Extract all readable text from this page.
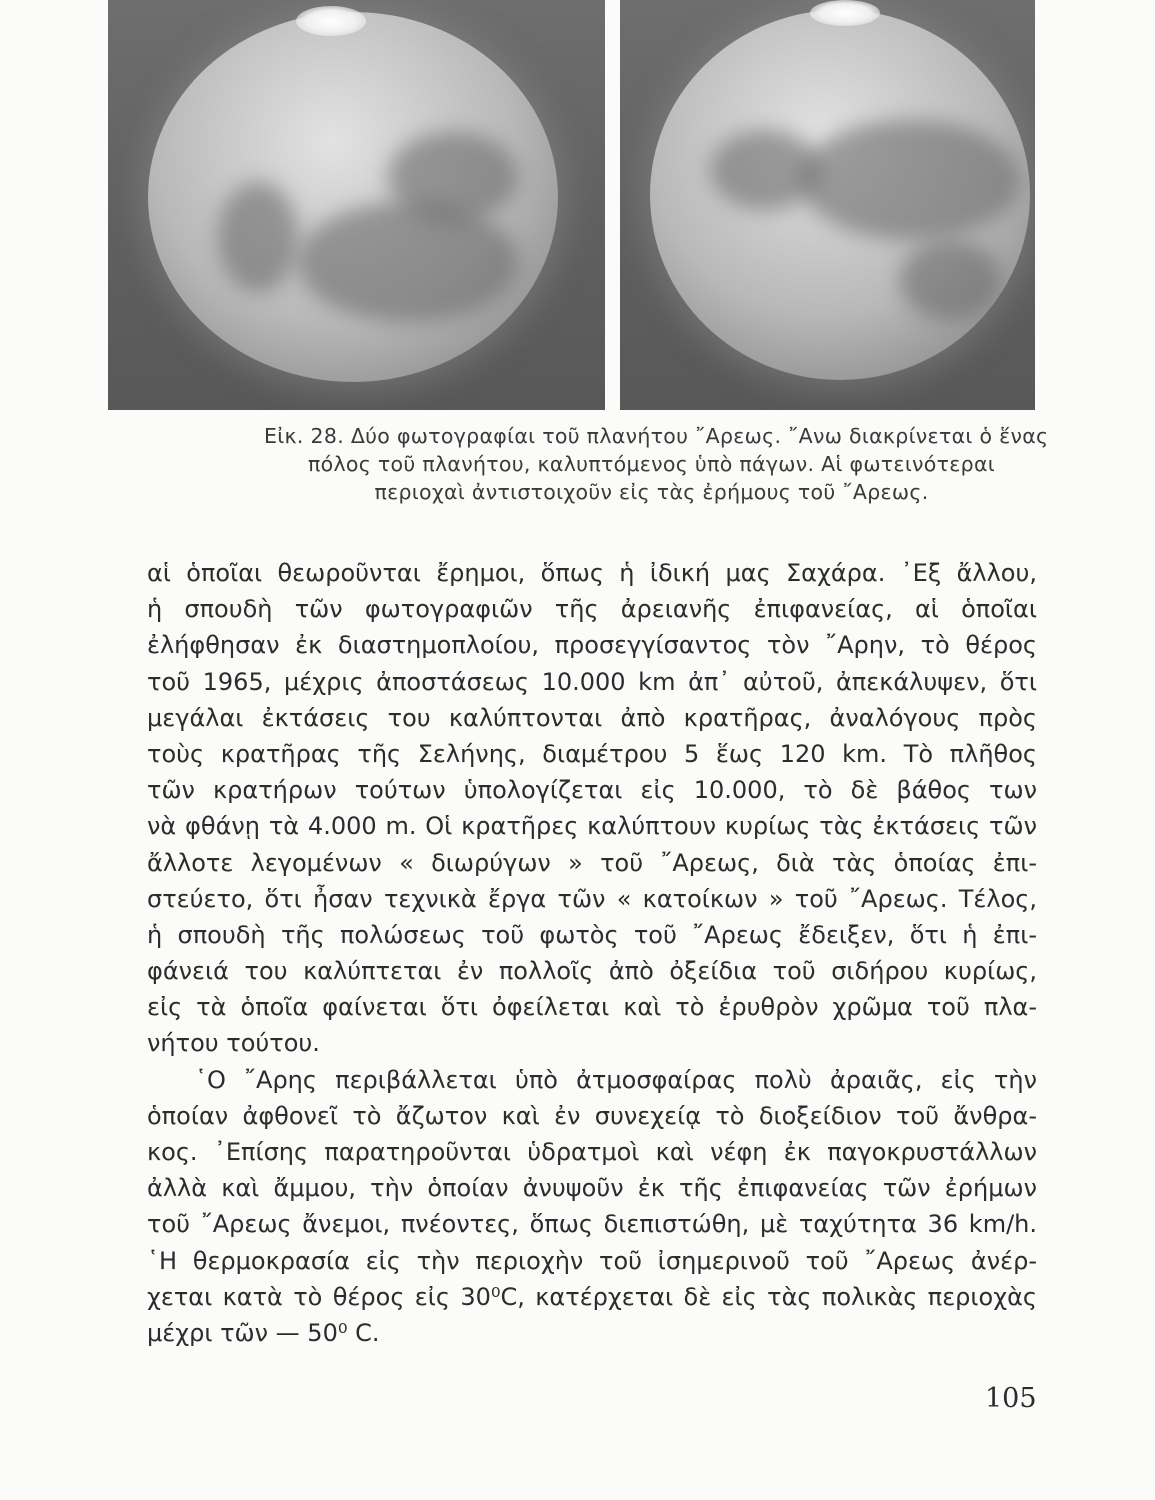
Εἰκ. 28. Δύο φωτογραφίαι τοῦ πλανήτου ῎Αρεως. ῎Ανω διακρίνεται ὁ ἕνας
πόλος τοῦ πλανήτου, καλυπτόμενος ὑπὸ πάγων. Αἱ φωτεινότεραι
περιοχαὶ ἀντιστοιχοῦν εἰς τὰς ἐρήμους τοῦ ῎Αρεως.
αἱ ὁποῖαι θεωροῦνται ἔρημοι, ὅπως ἡ ἰδική μας Σαχάρα. ᾽Εξ ἄλλου,
ἡ σπουδὴ τῶν φωτογραφιῶν τῆς ἀρειανῆς ἐπιφανείας, αἱ ὁποῖαι
ἐλήφθησαν ἐκ διαστημοπλοίου, προσεγγίσαντος τὸν ῎Αρην, τὸ θέρος
τοῦ 1965, μέχρις ἀποστάσεως 10.000 km ἀπ᾽ αὐτοῦ, ἀπεκάλυψεν, ὅτι
μεγάλαι ἐκτάσεις του καλύπτονται ἀπὸ κρατῆρας, ἀναλόγους πρὸς
τοὺς κρατῆρας τῆς Σελήνης, διαμέτρου 5 ἕως 120 km. Τὸ πλῆθος
τῶν κρατήρων τούτων ὑπολογίζεται εἰς 10.000, τὸ δὲ βάθος των
νὰ φθάνῃ τὰ 4.000 m. Οἱ κρατῆρες καλύπτουν κυρίως τὰς ἐκτάσεις τῶν
ἄλλοτε λεγομένων « διωρύγων » τοῦ ῎Αρεως, διὰ τὰς ὁποίας ἐπι-
στεύετο, ὅτι ἦσαν τεχνικὰ ἔργα τῶν « κατοίκων » τοῦ ῎Αρεως. Τέλος,
ἡ σπουδὴ τῆς πολώσεως τοῦ φωτὸς τοῦ ῎Αρεως ἔδειξεν, ὅτι ἡ ἐπι-
φάνειά του καλύπτεται ἐν πολλοῖς ἀπὸ ὀξείδια τοῦ σιδήρου κυρίως,
εἰς τὰ ὁποῖα φαίνεται ὅτι ὀφείλεται καὶ τὸ ἐρυθρὸν χρῶμα τοῦ πλα-
νήτου τούτου.
῾Ο ῎Αρης περιβάλλεται ὑπὸ ἀτμοσφαίρας πολὺ ἀραιᾶς, εἰς τὴν
ὁποίαν ἀφθονεῖ τὸ ἄζωτον καὶ ἐν συνεχείᾳ τὸ διοξείδιον τοῦ ἄνθρα-
κος. ᾽Επίσης παρατηροῦνται ὑδρατμοὶ καὶ νέφη ἐκ παγοκρυστάλλων
ἀλλὰ καὶ ἄμμου, τὴν ὁποίαν ἀνυψοῦν ἐκ τῆς ἐπιφανείας τῶν ἐρήμων
τοῦ ῎Αρεως ἄνεμοι, πνέοντες, ὅπως διεπιστώθη, μὲ ταχύτητα 36 km/h.
῾Η θερμοκρασία εἰς τὴν περιοχὴν τοῦ ἰσημερινοῦ τοῦ ῎Αρεως ἀνέρ-
χεται κατὰ τὸ θέρος εἰς 30⁰C, κατέρχεται δὲ εἰς τὰς πολικὰς περιοχὰς
μέχρι τῶν — 50⁰ C.
105
